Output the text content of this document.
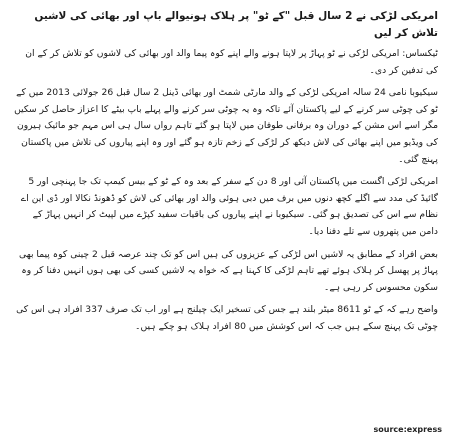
امریکی لڑکی نے 2 سال قبل "کے ٹو" پر ہلاک ہونیوالے باپ اور بھائی کی لاشیں تلاش کر لیں
ٹیکساس: امریکی لڑکی نے ٹو پہاڑ پر لاپتا ہونے والے اپنے کوہ پیما والد اور بھائی کی لاشوں کو تلاش کر کے ان کی تدفین کر دی۔
سیکیوبا نامی 24 سالہ امریکی لڑکی کے والد مارٹی شمٹ اور بھائی ڈینل 2 سال قبل 26 جولائی 2013 میں کے ٹو کی چوٹی سر کرنے کے لیے پاکستان آئے تاکہ وہ یہ چوٹی سر کرنے والے پہلے باپ بیٹے کا اعزاز حاصل کر سکیں مگر اسے اس مشن کے دوران وہ برفانی طوفان میں لاپتا ہو گئے تاہم رواں سال ہی اس مہم جو مائیک ہیرون کی ویڈیو میں اپنے بھائی کی لاش دیکھ کر لڑکی کے زخم تازہ ہو گئے اور وہ اپنے پیاروں کی تلاش میں پاکستان پہنچ گئی۔
امریکی لڑکی اگست میں پاکستان آئی اور 8 دن کے سفر کے بعد وہ کے ٹو کے بیس کیمپ تک جا پہنچی اور 5 گائیڈ کی مدد سے اگلے کچھ دنوں میں برف میں دبی ہوئی والد اور بھائی کی لاش کو ڈھونڈ نکالا اور ڈی این اے نظام سے اس کی تصدیق ہو گئی۔ سیکیوبا نے اپنے پیاروں کی باقیات سفید کپڑے میں لپیٹ کر انہیں پہاڑ کے دامن میں پتھروں سے تلے دفنا دیا۔
بعض افراد کے مطابق یہ لاشیں اس لڑکی کے عزیزوں کی ہیں اس کو تک چند عرصہ قبل 2 چینی کوہ پیما بھی پہاڑ پر پھسل کر ہلاک ہوئے تھے تاہم لڑکی کا کہنا ہے کہ خواہ یہ لاشیں کسی کی بھی ہوں انہیں دفنا کر وہ سکون محسوس کر رہی ہے۔
واضح رہے کہ کے ٹو 8611 میٹر بلند ہے جس کی تسخیر ایک چیلنج ہے اور اب تک صرف 337 افراد ہی اس کی چوٹی تک پہنچ سکے ہیں جب کہ اس کوشش میں 80 افراد ہلاک ہو چکے ہیں۔
source:express
